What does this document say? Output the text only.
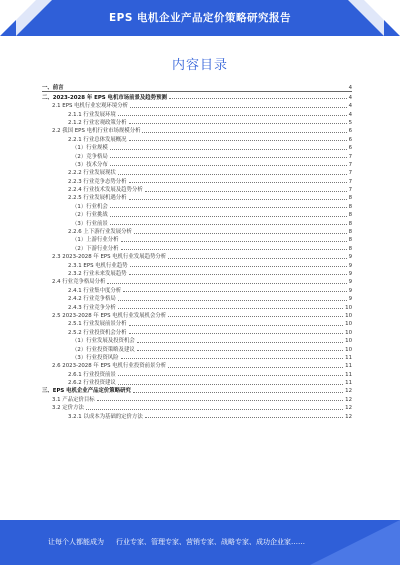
EPS 电机企业产品定价策略研究报告
内容目录
一、前言	4
二、2023-2028 年 EPS 电机市场前景及趋势预测	4
2.1 EPS 电机行业宏观环境分析	4
2.1.1 行业发展环境	4
2.1.2 行业宏观政策分析	5
2.2 我国 EPS 电机行业市场规模分析	6
2.2.1 行业总体发展概况	6
（1）行业规模	6
（2）竞争格局	7
（3）技术分布	7
2.2.2 行业发展现状	7
2.2.3 行业竞争态势分析	7
2.2.4 行业技术发展及趋势分析	7
2.2.5 行业发展机遇分析	8
（1）行业机会	8
（2）行业挑战	8
（3）行业前景	8
2.2.6 上下游行业发展分析	8
（1）上游行业分析	8
（2）下游行业分析	8
2.3 2023-2028 年 EPS 电机行业发展趋势分析	9
2.3.1 EPS 电机行业趋势	9
2.3.2 行业未来发展趋势	9
2.4 行业竞争格局分析	9
2.4.1 行业集中度分析	9
2.4.2 行业竞争格局	9
2.4.3 行业竞争分析	10
2.5 2023-2028 年 EPS 电机行业发展机会分析	10
2.5.1 行业发展前景分析	10
2.5.2 行业投资机会分析	10
（1）行业发展及投资机会	10
（2）行业投资策略及建议	10
（3）行业投资风险	11
2.6 2023-2028 年 EPS 电机行业投资前景分析	11
2.6.1 行业投资前景	11
2.6.2 行业投资建议	11
三、EPS 电机企业产品定价策略研究	12
3.1 产品定价目标	12
3.2 定价方法	12
3.2.1 以成本为基础的定价方法	12
让每个人都能成为 行业专家、管理专家、营销专家、战略专家、成功企业家……
